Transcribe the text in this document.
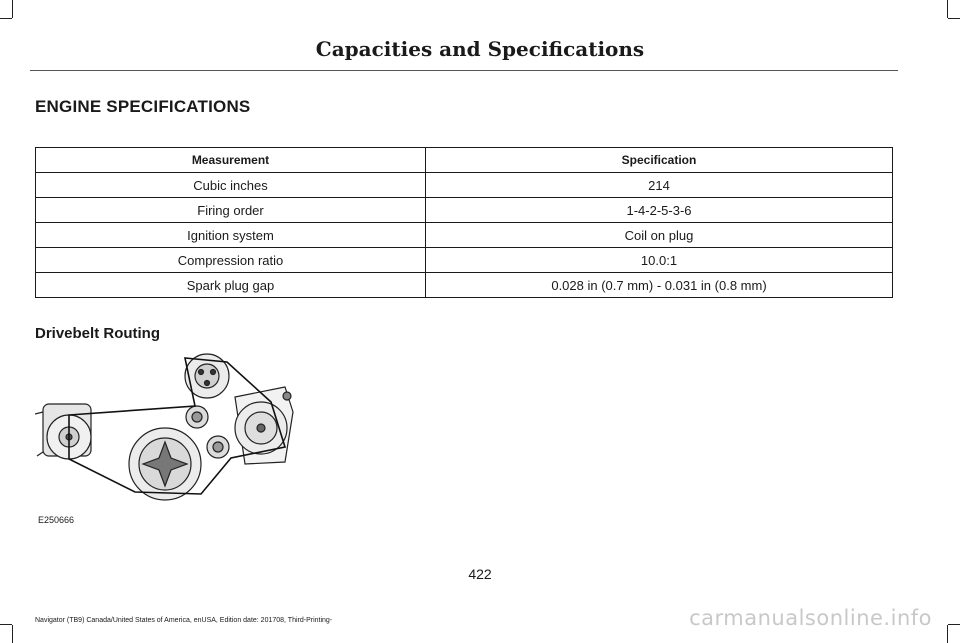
Capacities and Specifications
ENGINE SPECIFICATIONS
Measurement	Specification
Cubic inches	214
Firing order	1-4-2-5-3-6
Ignition system	Coil on plug
Compression ratio	10.0:1
Spark plug gap	0.028 in (0.7 mm) - 0.031 in (0.8 mm)
Drivebelt Routing
E250666
422
Navigator (TB9) Canada/United States of America, enUSA, Edition date: 201708, Third-Printing-	carmanualsonline.info
